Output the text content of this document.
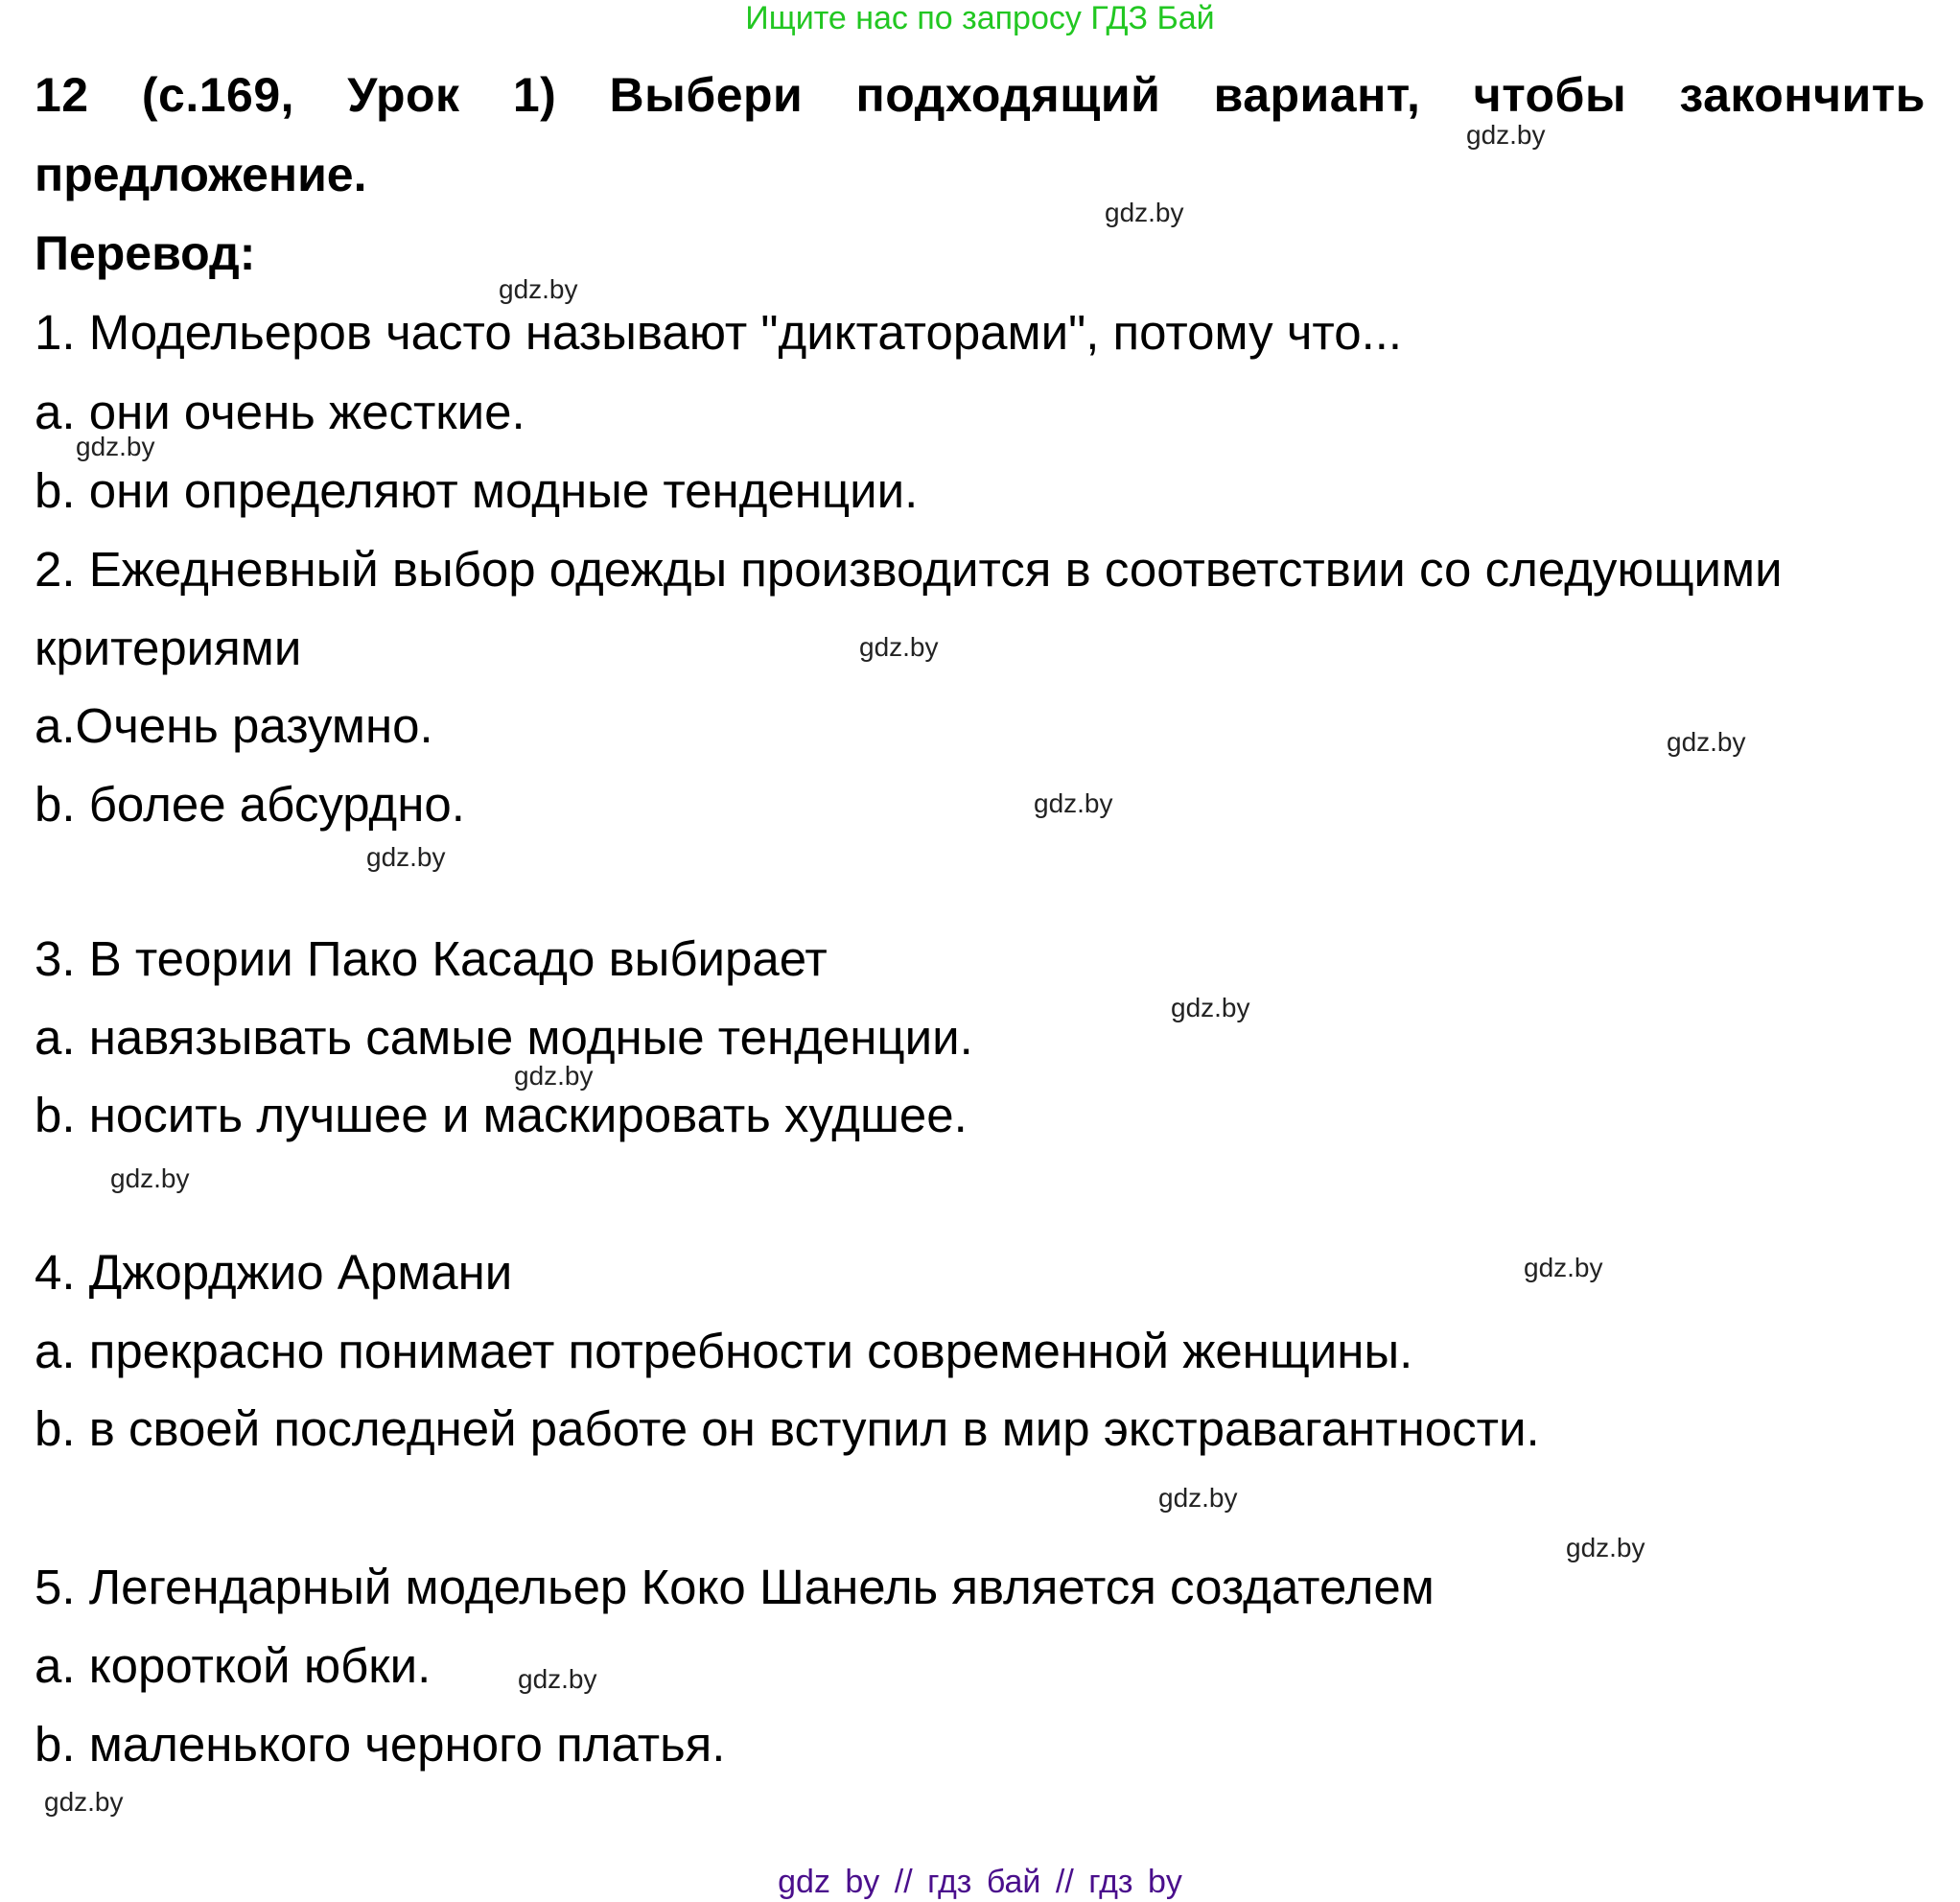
Ищите нас по запросу ГДЗ Бай
12 (с.169, Урок 1) Выбери подходящий вариант, чтобы закончить
предложение.
Перевод:
1. Модельеров часто называют "диктаторами", потому что...
a. они очень жесткие.
b. они определяют модные тенденции.
2. Ежедневный выбор одежды производится в соответствии со следующими
критериями
a.Очень разумно.
b. более абсурдно.
3. В теории Пако Касадо выбирает
a. навязывать самые модные тенденции.
b. носить лучшее и маскировать худшее.
4. Джорджио Армани
a. прекрасно понимает потребности современной женщины.
b. в своей последней работе он вступил в мир экстравагантности.
5. Легендарный модельер Коко Шанель является создателем
a. короткой юбки.
b. маленького черного платья.
gdz.by
gdz.by
gdz.by
gdz.by
gdz.by
gdz.by
gdz.by
gdz.by
gdz.by
gdz.by
gdz.by
gdz.by
gdz.by
gdz.by
gdz.by
gdz.by
gdz by // гдз бай // гдз by
